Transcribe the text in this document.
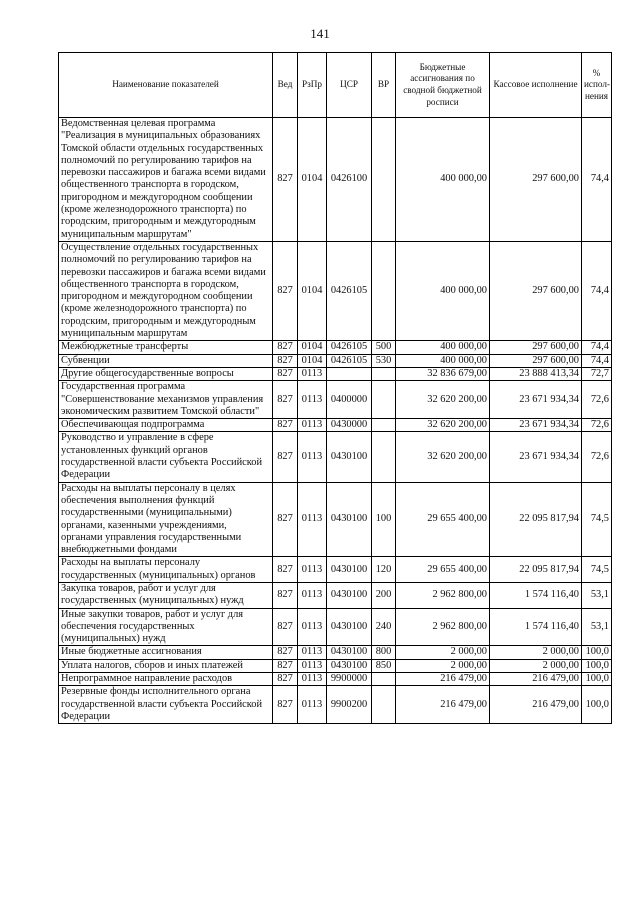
141
Наименование показателей	Вед	РзПр	ЦСР	ВР	Бюджетные ассигнования по сводной бюджетной росписи	Кассовое исполнение	% испол- нения
Ведомственная целевая программа "Реализация в муниципальных образованиях Томской области отдельных государственных полномочий по регулированию тарифов на перевозки пассажиров и багажа всеми видами общественного транспорта в городском, пригородном и междугородном сообщении (кроме железнодорожного транспорта) по городским, пригородным и междугородным муниципальным маршрутам"	827	0104	0426100		400 000,00	297 600,00	74,4
Осуществление отдельных государственных полномочий по регулированию тарифов на перевозки пассажиров и багажа всеми видами общественного транспорта в городском, пригородном и междугородном сообщении (кроме железнодорожного транспорта) по городским, пригородным и междугородным муниципальным маршрутам	827	0104	0426105		400 000,00	297 600,00	74,4
Межбюджетные трансферты	827	0104	0426105	500	400 000,00	297 600,00	74,4
Субвенции	827	0104	0426105	530	400 000,00	297 600,00	74,4
Другие общегосударственные вопросы	827	0113			32 836 679,00	23 888 413,34	72,7
Государственная программа "Совершенствование механизмов управления экономическим развитием Томской области"	827	0113	0400000		32 620 200,00	23 671 934,34	72,6
Обеспечивающая подпрограмма	827	0113	0430000		32 620 200,00	23 671 934,34	72,6
Руководство и управление в сфере установленных функций органов государственной власти субъекта Российской Федерации	827	0113	0430100		32 620 200,00	23 671 934,34	72,6
Расходы на выплаты персоналу в целях обеспечения выполнения функций государственными (муниципальными) органами, казенными учреждениями, органами управления государственными внебюджетными фондами	827	0113	0430100	100	29 655 400,00	22 095 817,94	74,5
Расходы на выплаты персоналу государственных (муниципальных) органов	827	0113	0430100	120	29 655 400,00	22 095 817,94	74,5
Закупка товаров, работ и услуг для государственных (муниципальных) нужд	827	0113	0430100	200	2 962 800,00	1 574 116,40	53,1
Иные закупки товаров, работ и услуг для обеспечения государственных (муниципальных) нужд	827	0113	0430100	240	2 962 800,00	1 574 116,40	53,1
Иные бюджетные ассигнования	827	0113	0430100	800	2 000,00	2 000,00	100,0
Уплата налогов, сборов и иных платежей	827	0113	0430100	850	2 000,00	2 000,00	100,0
Непрограммное направление расходов	827	0113	9900000		216 479,00	216 479,00	100,0
Резервные фонды исполнительного органа государственной власти субъекта Российской Федерации	827	0113	9900200		216 479,00	216 479,00	100,0
